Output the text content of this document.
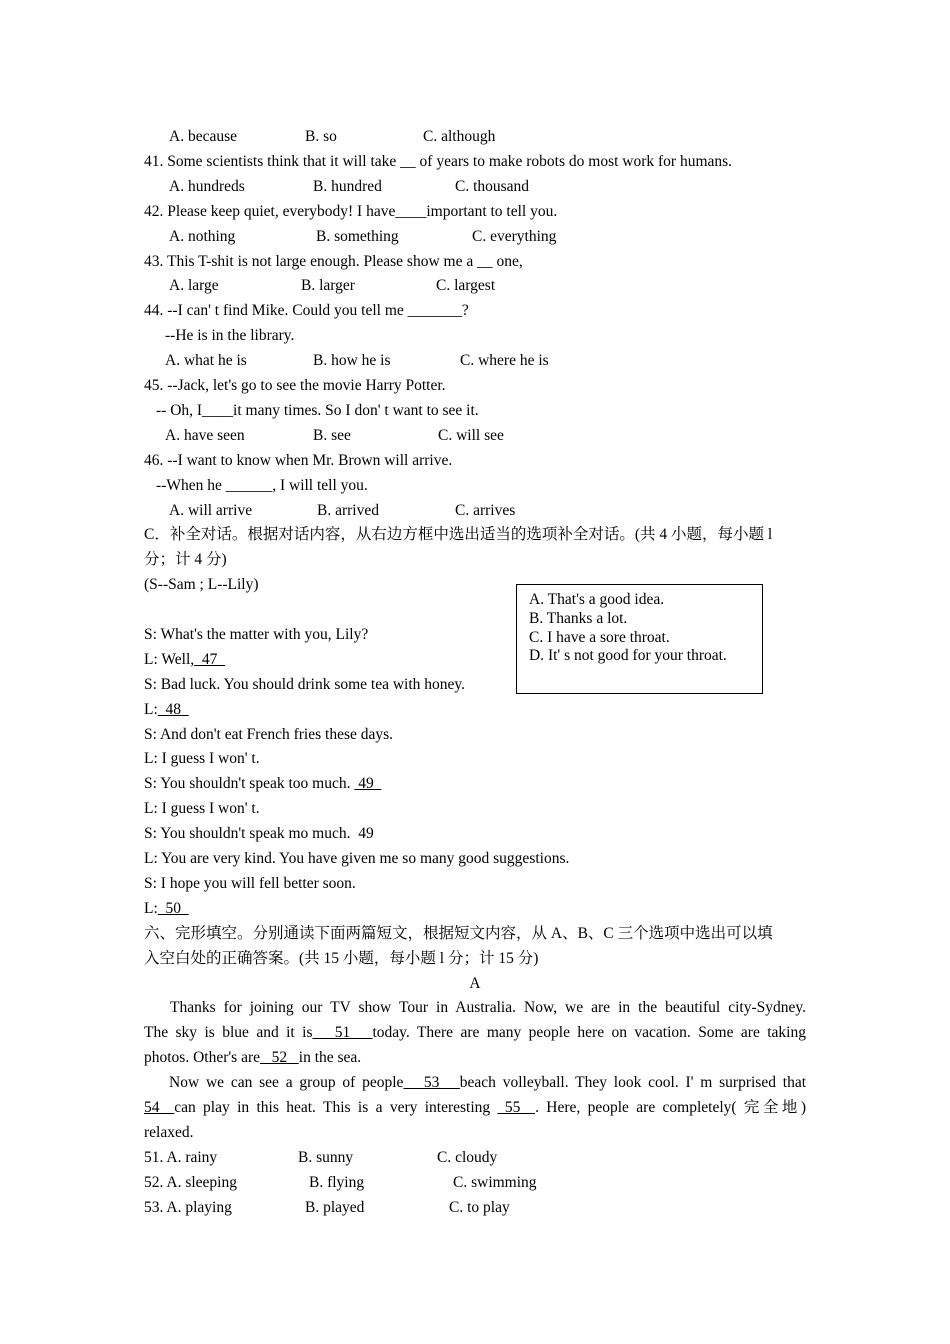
A. because	B. so	C. although
41. Some scientists think that it will take __ of years to make robots do most work for humans.
A. hundreds	B. hundred	C. thousand
42. Please keep quiet, everybody! I have____important to tell you.
A. nothing	B. something	C. everything
43. This T-shit is not large enough. Please show me a __ one,
A. large	B. larger	C. largest
44. --I can' t find Mike. Could you tell me _______?
--He is in the library.
A. what he is	B. how he is	C. where he is
45. --Jack, let's go to see the movie Harry Potter.
-- Oh, I____it many times. So I don' t want to see it.
A. have seen	B. see	C. will see
46. --I want to know when Mr. Brown will arrive.
--When he ______, I will tell you.
A. will arrive	B. arrived	C. arrives
C．补全对话。根据对话内容，从右边方框中选出适当的选项补全对话。(共 4 小题，每小题 l
分；计 4 分)
(S--Sam ; L--Lily)
A. That's a good idea.
B. Thanks a lot.
C. I have a sore throat.
D. It' s not good for your throat.
S: What's the matter with you, Lily?
L: Well,  47
S: Bad luck. You should drink some tea with honey.
L:  48
S: And don't eat French fries these days.
L: I guess I won' t.
S: You shouldn't speak too much.  49
L: I guess I won' t.
S: You shouldn't speak mo much.  49
L: You are very kind. You have given me so many good suggestions.
S: I hope you will fell better soon.
L:  50
六、完形填空。分别通读下面两篇短文，根据短文内容，从 A、B、C 三个选项中选出可以填
入空白处的正确答案。(共 15 小题，每小题 l 分；计 15 分)
A
Thanks for joining our TV show Tour in Australia. Now, we are in the beautiful city-Sydney.
The sky is blue and it is   51   today. There are many people here on vacation. Some are taking
photos. Other's are   52   in the sea.
Now we can see a group of people   53   beach volleyball. They look cool. I' m surprised that
54  can play in this heat. This is a very interesting  55  . Here, people are completely( 完全地)
relaxed.
51. A. rainy	B. sunny	C. cloudy
52. A. sleeping	B. flying	C. swimming
53. A. playing	B. played	C. to play
